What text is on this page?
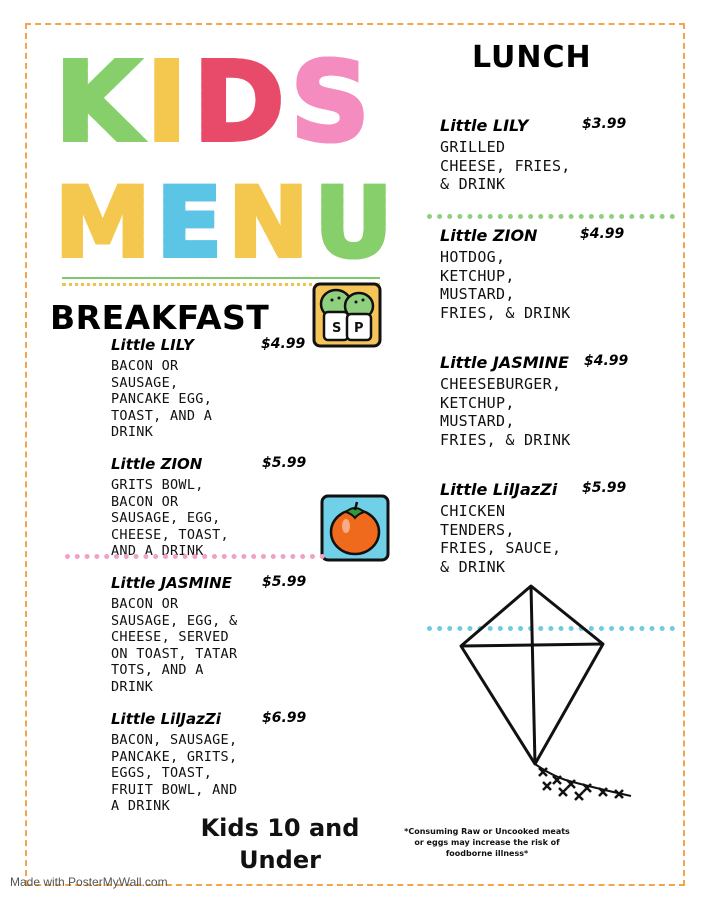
K I D S
M E N U
BREAKFAST
LUNCH
S P
Little LILY	$4.99
BACON OR
SAUSAGE,
PANCAKE EGG,
TOAST, AND A
DRINK
Little ZION	$5.99
GRITS BOWL,
BACON OR
SAUSAGE, EGG,
CHEESE, TOAST,
AND A DRINK
Little JASMINE $5.99
BACON OR
SAUSAGE, EGG, &
CHEESE, SERVED
ON TOAST, TATAR
TOTS, AND A
DRINK
Little LilJazZi	$6.99
BACON, SAUSAGE,
PANCAKE, GRITS,
EGGS, TOAST,
FRUIT BOWL, AND
A DRINK
Little LILY	$3.99
GRILLED
CHEESE, FRIES,
& DRINK
Little ZION	$4.99
HOTDOG,
KETCHUP,
MUSTARD,
FRIES, & DRINK
Little JASMINE $4.99
CHEESEBURGER,
KETCHUP,
MUSTARD,
FRIES, & DRINK
Little LilJazZi $5.99
CHICKEN
TENDERS,
FRIES, SAUCE,
& DRINK
Kids 10 and Under
*Consuming Raw or Uncooked meats or eggs may increase the risk of foodborne illness*
Made with PosterMyWall.com
